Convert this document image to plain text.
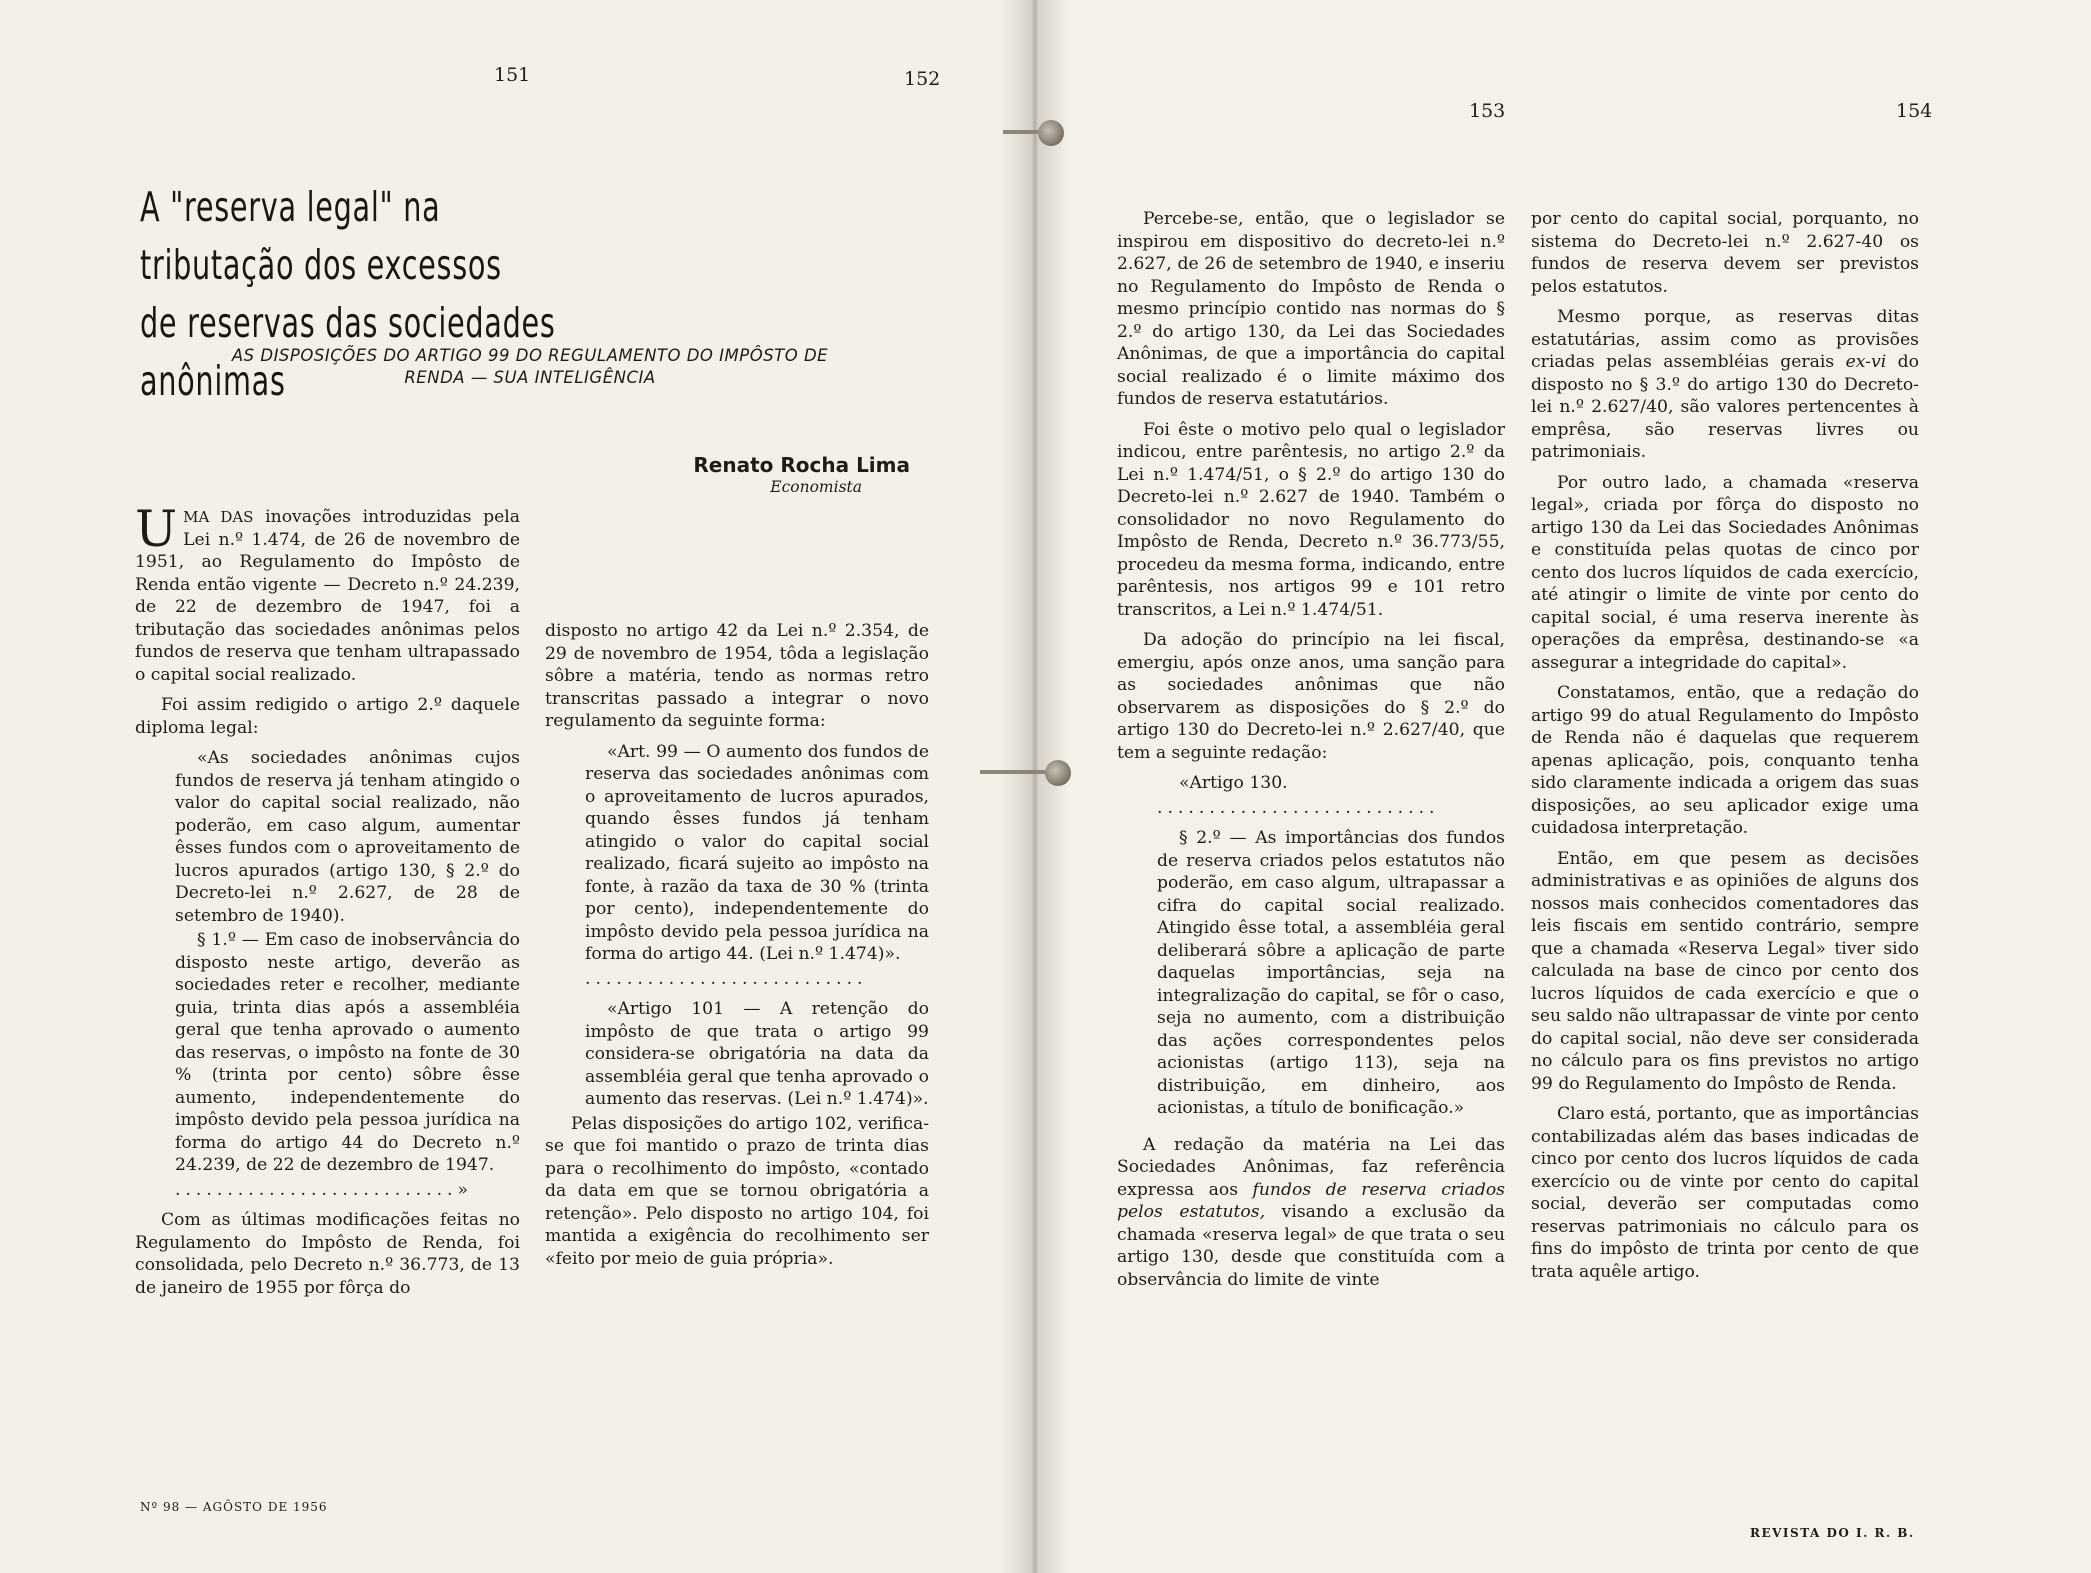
151	152
A "reserva legal" na tributação dos excessos
de reservas das sociedades anônimas
AS DISPOSIÇÕES DO ARTIGO 99 DO REGULAMENTO DO IMPÔSTO DE
RENDA — SUA INTELIGÊNCIA
Renato Rocha Lima
Economista

UMA DAS inovações introduzidas pela Lei n.º 1.474, de 26 de novembro de 1951, ao Regulamento do Impôsto de Renda então vigente — Decreto n.º 24.239, de 22 de dezembro de 1947, foi a tributação das sociedades anônimas pelos fundos de reserva que tenham ultrapassado o capital social realizado.

Foi assim redigido o artigo 2.º daquele diploma legal:

«As sociedades anônimas cujos fundos de reserva já tenham atingido o valor do capital social realizado, não poderão, em caso algum, aumentar êsses fundos com o aproveitamento de lucros apurados (artigo 130, § 2.º do Decreto-lei n.º 2.627, de 28 de setembro de 1940).

§ 1.º — Em caso de inobservância do disposto neste artigo, deverão as sociedades reter e recolher, mediante guia, trinta dias após a assembléia geral que tenha aprovado o aumento das reservas, o impôsto na fonte de 30 % (trinta por cento) sôbre êsse aumento, independentemente do impôsto devido pela pessoa jurídica na forma do artigo 44 do Decreto n.º 24.239, de 22 de dezembro de 1947.

...........................»

Com as últimas modificações feitas no Regulamento do Impôsto de Renda, foi consolidada, pelo Decreto n.º 36.773, de 13 de janeiro de 1955 por fôrça do

disposto no artigo 42 da Lei n.º 2.354, de 29 de novembro de 1954, tôda a legislação sôbre a matéria, tendo as normas retro transcritas passado a integrar o novo regulamento da seguinte forma:

«Art. 99 — O aumento dos fundos de reserva das sociedades anônimas com o aproveitamento de lucros apurados, quando êsses fundos já tenham atingido o valor do capital social realizado, ficará sujeito ao impôsto na fonte, à razão da taxa de 30 % (trinta por cento), independentemente do impôsto devido pela pessoa jurídica na forma do artigo 44. (Lei n.º 1.474)».

...........................

«Artigo 101 — A retenção do impôsto de que trata o artigo 99 considera-se obrigatória na data da assembléia geral que tenha aprovado o aumento das reservas. (Lei n.º 1.474)».

Pelas disposições do artigo 102, verifica-se que foi mantido o prazo de trinta dias para o recolhimento do impôsto, «contado da data em que se tornou obrigatória a retenção». Pelo disposto no artigo 104, foi mantida a exigência do recolhimento ser «feito por meio de guia própria».

Nº 98 — AGÔSTO DE 1956
153	154

Percebe-se, então, que o legislador se inspirou em dispositivo do decreto-lei n.º 2.627, de 26 de setembro de 1940, e inseriu no Regulamento do Impôsto de Renda o mesmo princípio contido nas normas do § 2.º do artigo 130, da Lei das Sociedades Anônimas, de que a importância do capital social realizado é o limite máximo dos fundos de reserva estatutários.

Foi êste o motivo pelo qual o legislador indicou, entre parêntesis, no artigo 2.º da Lei n.º 1.474/51, o § 2.º do artigo 130 do Decreto-lei n.º 2.627 de 1940. Também o consolidador no novo Regulamento do Impôsto de Renda, Decreto n.º 36.773/55, procedeu da mesma forma, indicando, entre parêntesis, nos artigos 99 e 101 retro transcritos, a Lei n.º 1.474/51.

Da adoção do princípio na lei fiscal, emergiu, após onze anos, uma sanção para as sociedades anônimas que não observarem as disposições do § 2.º do artigo 130 do Decreto-lei n.º 2.627/40, que tem a seguinte redação:

«Artigo 130.

...........................

§ 2.º — As importâncias dos fundos de reserva criados pelos estatutos não poderão, em caso algum, ultrapassar a cifra do capital social realizado. Atingido êsse total, a assembléia geral deliberará sôbre a aplicação de parte daquelas importâncias, seja na integralização do capital, se fôr o caso, seja no aumento, com a distribuição das ações correspondentes pelos acionistas (artigo 113), seja na distribuição, em dinheiro, aos acionistas, a título de bonificação.»

A redação da matéria na Lei das Sociedades Anônimas, faz referência expressa aos fundos de reserva criados pelos estatutos, visando a exclusão da chamada «reserva legal» de que trata o seu artigo 130, desde que constituída com a observância do limite de vinte

por cento do capital social, porquanto, no sistema do Decreto-lei n.º 2.627-40 os fundos de reserva devem ser previstos pelos estatutos.

Mesmo porque, as reservas ditas estatutárias, assim como as provisões criadas pelas assembléias gerais ex-vi do disposto no § 3.º do artigo 130 do Decreto-lei n.º 2.627/40, são valores pertencentes à emprêsa, são reservas livres ou patrimoniais.

Por outro lado, a chamada «reserva legal», criada por fôrça do disposto no artigo 130 da Lei das Sociedades Anônimas e constituída pelas quotas de cinco por cento dos lucros líquidos de cada exercício, até atingir o limite de vinte por cento do capital social, é uma reserva inerente às operações da emprêsa, destinando-se «a assegurar a integridade do capital».

Constatamos, então, que a redação do artigo 99 do atual Regulamento do Impôsto de Renda não é daquelas que requerem apenas aplicação, pois, conquanto tenha sido claramente indicada a origem das suas disposições, ao seu aplicador exige uma cuidadosa interpretação.

Então, em que pesem as decisões administrativas e as opiniões de alguns dos nossos mais conhecidos comentadores das leis fiscais em sentido contrário, sempre que a chamada «Reserva Legal» tiver sido calculada na base de cinco por cento dos lucros líquidos de cada exercício e que o seu saldo não ultrapassar de vinte por cento do capital social, não deve ser considerada no cálculo para os fins previstos no artigo 99 do Regulamento do Impôsto de Renda.

Claro está, portanto, que as importâncias contabilizadas além das bases indicadas de cinco por cento dos lucros líquidos de cada exercício ou de vinte por cento do capital social, deverão ser computadas como reservas patrimoniais no cálculo para os fins do impôsto de trinta por cento de que trata aquêle artigo.

REVISTA DO I. R. B.
